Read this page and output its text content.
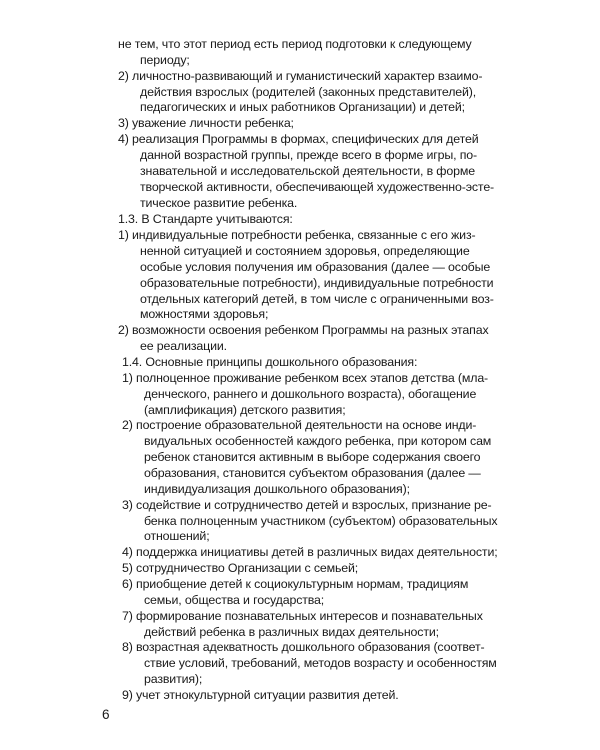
не тем, что этот период есть период подготовки к следующему
периоду;
2) личностно-развивающий и гуманистический характер взаимо-
действия взрослых (родителей (законных представителей),
педагогических и иных работников Организации) и детей;
3) уважение личности ребенка;
4) реализация Программы в формах, специфических для детей
данной возрастной группы, прежде всего в форме игры, по-
знавательной и исследовательской деятельности, в форме
творческой активности, обеспечивающей художественно-эсте-
тическое развитие ребенка.
1.3. В Стандарте учитываются:
1) индивидуальные потребности ребенка, связанные с его жиз-
ненной ситуацией и состоянием здоровья, определяющие
особые условия получения им образования (далее — особые
образовательные потребности), индивидуальные потребности
отдельных категорий детей, в том числе с ограниченными воз-
можностями здоровья;
2) возможности освоения ребенком Программы на разных этапах
ее реализации.
1.4. Основные принципы дошкольного образования:
1) полноценное проживание ребенком всех этапов детства (мла-
денческого, раннего и дошкольного возраста), обогащение
(амплификация) детского развития;
2) построение образовательной деятельности на основе инди-
видуальных особенностей каждого ребенка, при котором сам
ребенок становится активным в выборе содержания своего
образования, становится субъектом образования (далее —
индивидуализация дошкольного образования);
3) содействие и сотрудничество детей и взрослых, признание ре-
бенка полноценным участником (субъектом) образовательных
отношений;
4) поддержка инициативы детей в различных видах деятельности;
5) сотрудничество Организации с семьей;
6) приобщение детей к социокультурным нормам, традициям
семьи, общества и государства;
7) формирование познавательных интересов и познавательных
действий ребенка в различных видах деятельности;
8) возрастная адекватность дошкольного образования (соответ-
ствие условий, требований, методов возрасту и особенностям
развития);
9) учет этнокультурной ситуации развития детей.
6
